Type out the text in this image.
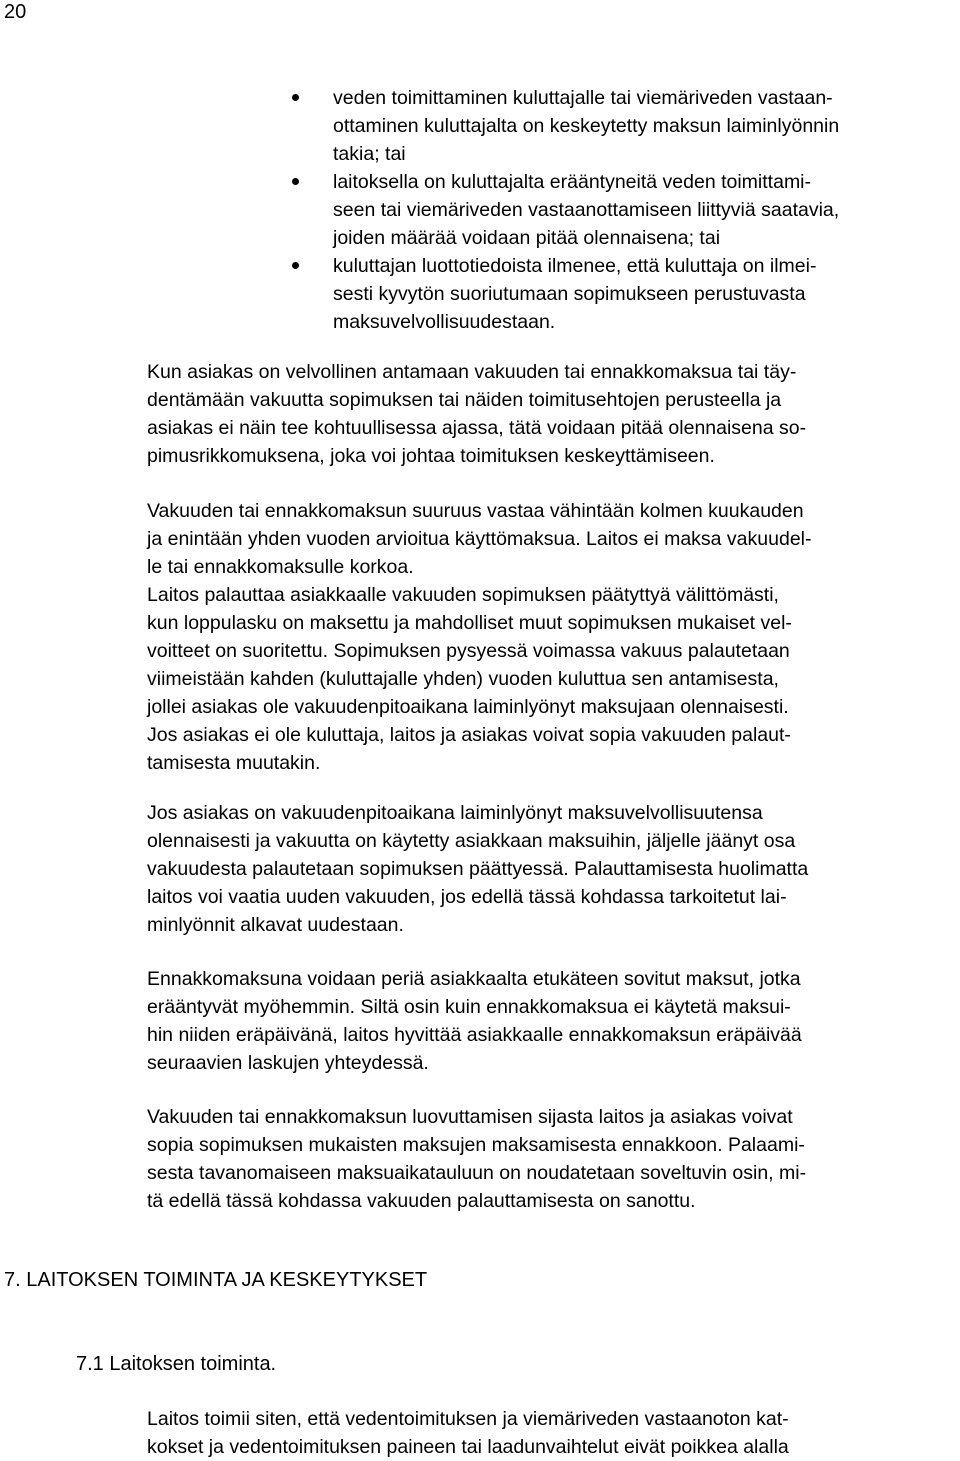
20
veden toimittaminen kuluttajalle tai viemäriveden vastaan-
ottaminen kuluttajalta on keskeytetty maksun laiminlyönnin
takia; tai
laitoksella on kuluttajalta erääntyneitä veden toimittami-
seen tai viemäriveden vastaanottamiseen liittyviä saatavia,
joiden määrää voidaan pitää olennaisena; tai
kuluttajan luottotiedoista ilmenee, että kuluttaja on ilmei-
sesti kyvytön suoriutumaan sopimukseen perustuvasta
maksuvelvollisuudestaan.
Kun asiakas on velvollinen antamaan vakuuden tai ennakkomaksua tai täy-
dentämään vakuutta sopimuksen tai näiden toimitusehtojen perusteella ja
asiakas ei näin tee kohtuullisessa ajassa, tätä voidaan pitää olennaisena so-
pimusrikkomuksena, joka voi johtaa toimituksen keskeyttämiseen.
Vakuuden tai ennakkomaksun suuruus vastaa vähintään kolmen kuukauden
ja enintään yhden vuoden arvioitua käyttömaksua. Laitos ei maksa vakuudel-
le tai ennakkomaksulle korkoa.
Laitos palauttaa asiakkaalle vakuuden sopimuksen päätyttyä välittömästi,
kun loppulasku on maksettu ja mahdolliset muut sopimuksen mukaiset vel-
voitteet on suoritettu. Sopimuksen pysyessä voimassa vakuus palautetaan
viimeistään kahden (kuluttajalle yhden) vuoden kuluttua sen antamisesta,
jollei asiakas ole vakuudenpitoaikana laiminlyönyt maksujaan olennaisesti.
Jos asiakas ei ole kuluttaja, laitos ja asiakas voivat sopia vakuuden palaut-
tamisesta muutakin.
Jos asiakas on vakuudenpitoaikana laiminlyönyt maksuvelvollisuutensa
olennaisesti ja vakuutta on käytetty asiakkaan maksuihin, jäljelle jäänyt osa
vakuudesta palautetaan sopimuksen päättyessä. Palauttamisesta huolimatta
laitos voi vaatia uuden vakuuden, jos edellä tässä kohdassa tarkoitetut lai-
minlyönnit alkavat uudestaan.
Ennakkomaksuna voidaan periä asiakkaalta etukäteen sovitut maksut, jotka
erääntyvät myöhemmin. Siltä osin kuin ennakkomaksua ei käytetä maksui-
hin niiden eräpäivänä, laitos hyvittää asiakkaalle ennakkomaksun eräpäivää
seuraavien laskujen yhteydessä.
Vakuuden tai ennakkomaksun luovuttamisen sijasta laitos ja asiakas voivat
sopia sopimuksen mukaisten maksujen maksamisesta ennakkoon. Palaami-
sesta tavanomaiseen maksuaikatauluun on noudatetaan soveltuvin osin, mi-
tä edellä tässä kohdassa vakuuden palauttamisesta on sanottu.
7. LAITOKSEN TOIMINTA JA KESKEYTYKSET
7.1 Laitoksen toiminta.
Laitos toimii siten, että vedentoimituksen ja viemäriveden vastaanoton kat-
kokset ja vedentoimituksen paineen tai laadunvaihtelut eivät poikkea alalla
